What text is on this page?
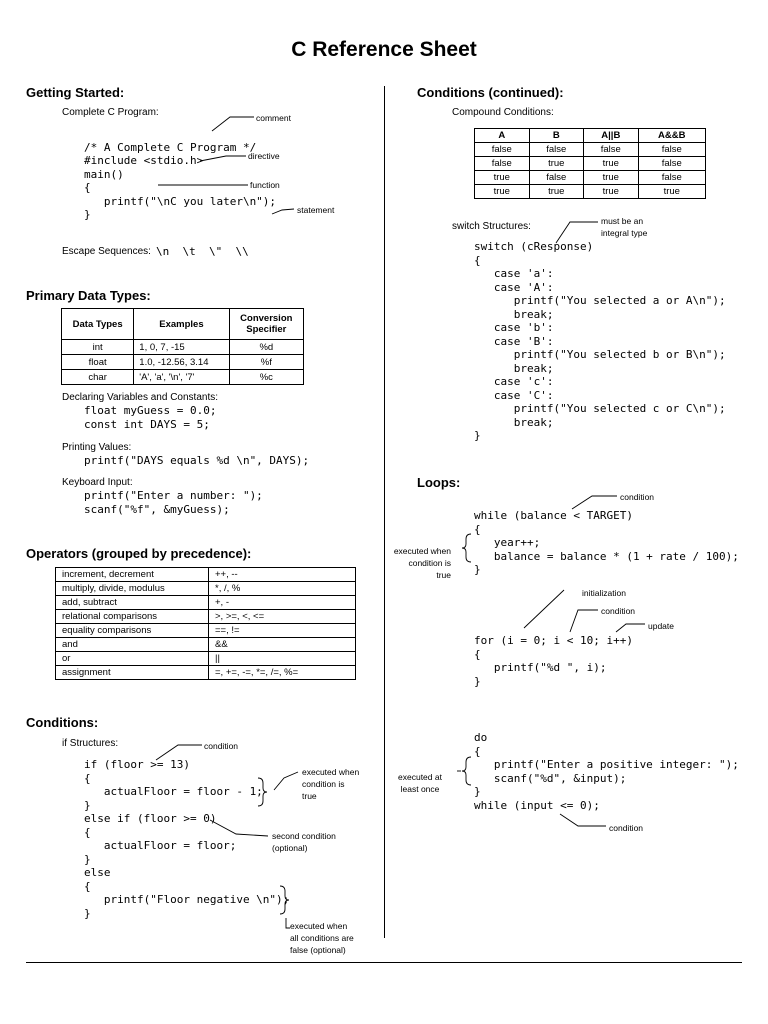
C Reference Sheet
Getting Started:
Complete C Program:

/* A Complete C Program */
#include <stdio.h>
main()
{
printf("\nC you later\n");
}
comment
directive
function
statement
Escape Sequences: \n  \t  \"  \\
Primary Data Types:
Data Types	Examples	Conversion Specifier
int	1, 0, 7, -15	%d
float	1.0, -12.56, 3.14	%f
char	'A', 'a', '\n', '7'	%c
Declaring Variables and Constants:
float myGuess = 0.0;
const int DAYS = 5;
Printing Values:
printf("DAYS equals %d \n", DAYS);
Keyboard Input:
printf("Enter a number: ");
scanf("%f", &myGuess);
Operators (grouped by precedence):
increment, decrement	++, --
multiply, divide, modulus	*, /, %
add, subtract	+, -
relational comparisons	>, >=, <, <=
equality comparisons	==, !=
and	&&
or	||
assignment	=, +=, -=, *=, /=, %=
Conditions:
if Structures:
if (floor >= 13)
{
actualFloor = floor - 1;
}
else if (floor >= 0)
{
actualFloor = floor;
}
else
{
printf("Floor negative \n");
}
condition
executed when
condition is
true
second condition
(optional)
executed when
all conditions are
false (optional)
Conditions (continued):
Compound Conditions:
A	B	A||B	A&&B
false	false	false	false
false	true	true	false
true	false	true	false
true	true	true	true
switch Structures:	must be an
integral type
switch (cResponse)
{
case 'a':
case 'A':
printf("You selected a or A\n");
break;
case 'b':
case 'B':
printf("You selected b or B\n");
break;
case 'c':
case 'C':
printf("You selected c or C\n");
break;
}
Loops:
condition
while (balance < TARGET)
{
year++;
balance = balance * (1 + rate / 100);
}
executed when
condition is
true
initialization
condition
update
for (i = 0; i < 10; i++)
{
printf("%d ", i);
}
do
{
printf("Enter a positive integer: ");
scanf("%d", &input);
}
while (input <= 0);
executed at
least once
condition
